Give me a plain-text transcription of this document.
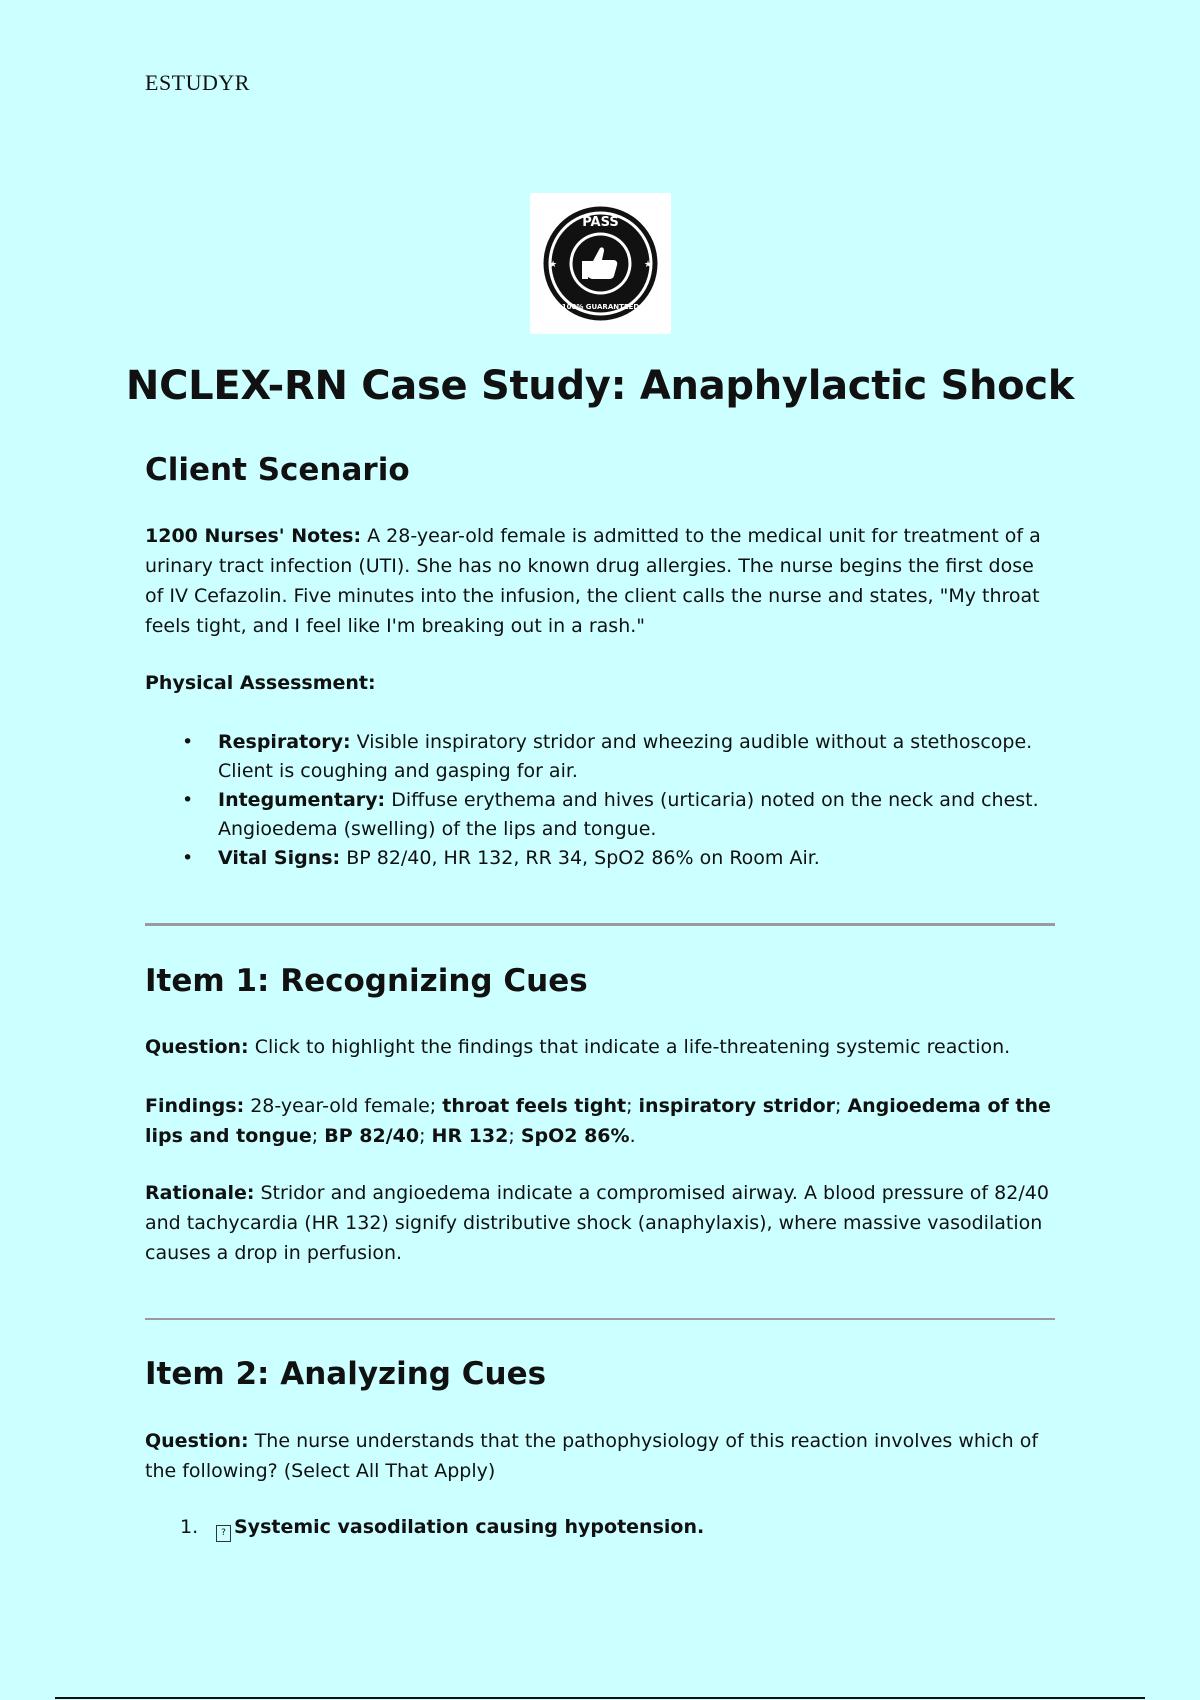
ESTUDYR
PASS
100% GUARANTEED
★	★
NCLEX-RN Case Study: Anaphylactic Shock
Client Scenario

1200 Nurses' Notes: A 28-year-old female is admitted to the medical unit for treatment of a urinary tract infection (UTI). She has no known drug allergies. The nurse begins the first dose of IV Cefazolin. Five minutes into the infusion, the client calls the nurse and states, "My throat feels tight, and I feel like I'm breaking out in a rash."

Physical Assessment:

• Respiratory: Visible inspiratory stridor and wheezing audible without a stethoscope. Client is coughing and gasping for air.
• Integumentary: Diffuse erythema and hives (urticaria) noted on the neck and chest. Angioedema (swelling) of the lips and tongue.
• Vital Signs: BP 82/40, HR 132, RR 34, SpO2 86% on Room Air.
Item 1: Recognizing Cues

Question: Click to highlight the findings that indicate a life-threatening systemic reaction.

Findings: 28-year-old female; throat feels tight; inspiratory stridor; Angioedema of the lips and tongue; BP 82/40; HR 132; SpO2 86%.

Rationale: Stridor and angioedema indicate a compromised airway. A blood pressure of 82/40 and tachycardia (HR 132) signify distributive shock (anaphylaxis), where massive vasodilation causes a drop in perfusion.

Item 2: Analyzing Cues

Question: The nurse understands that the pathophysiology of this reaction involves which of the following? (Select All That Apply)

1.	? Systemic vasodilation causing hypotension.
